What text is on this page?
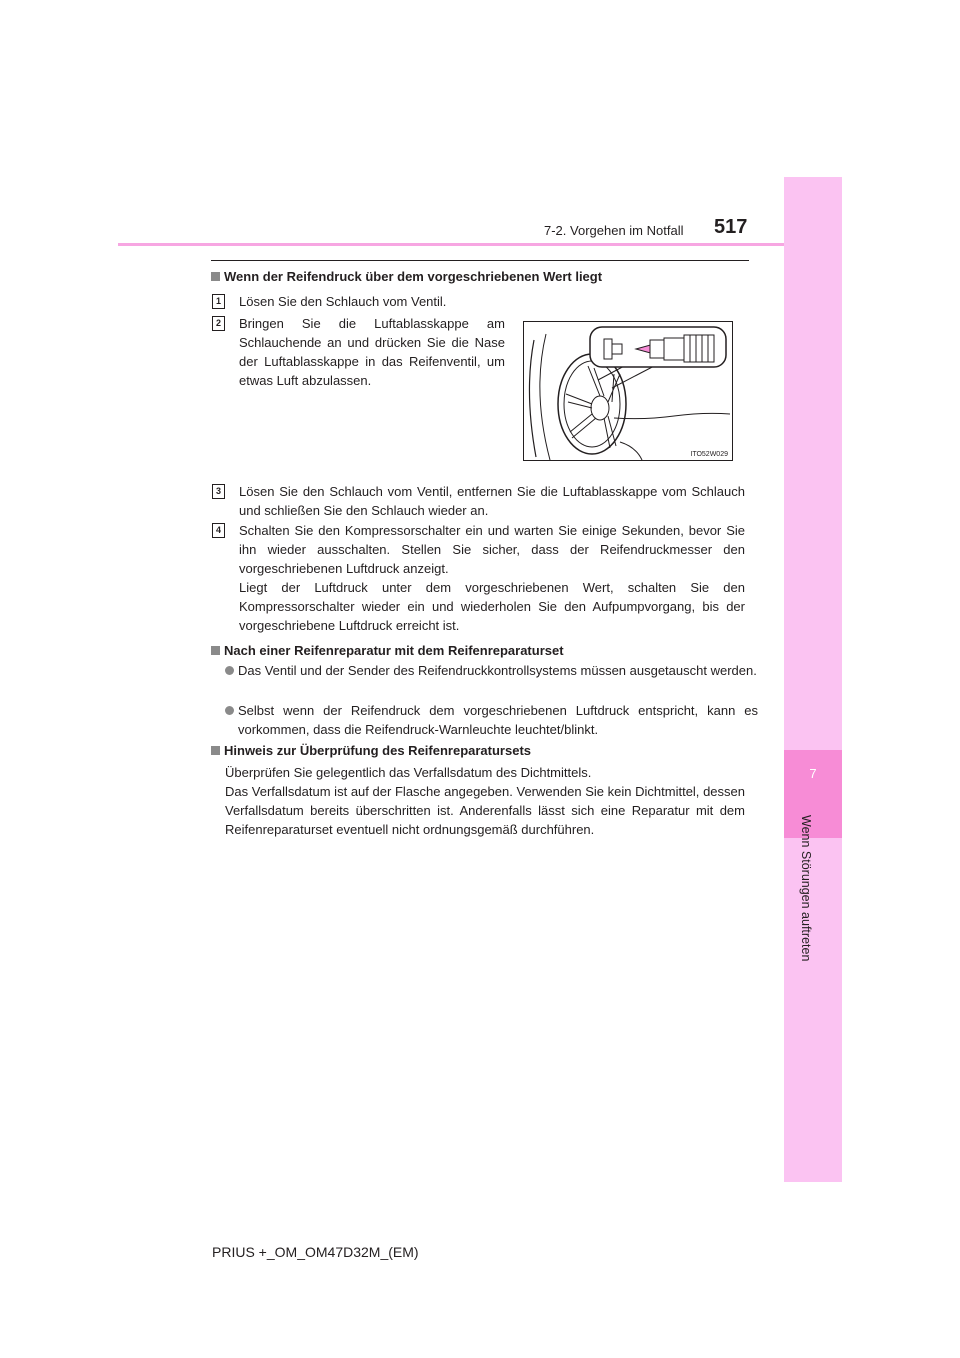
7
Wenn Störungen auftreten
7-2. Vorgehen im Notfall 517
Wenn der Reifendruck über dem vorgeschriebenen Wert liegt
1	Lösen Sie den Schlauch vom Ventil.
2	Bringen Sie die Luftablasskappe am Schlauchende an und drücken Sie die Nase der Luftablasskappe in das Reifenventil, um etwas Luft abzulassen.
ITO52W029
3	Lösen Sie den Schlauch vom Ventil, entfernen Sie die Luftablasskappe vom Schlauch und schließen Sie den Schlauch wieder an.
4	Schalten Sie den Kompressorschalter ein und warten Sie einige Sekunden, bevor Sie ihn wieder ausschalten. Stellen Sie sicher, dass der Reifendruckmesser den vorgeschriebenen Luftdruck anzeigt.
Liegt der Luftdruck unter dem vorgeschriebenen Wert, schalten Sie den Kompressorschalter wieder ein und wiederholen Sie den Aufpumpvorgang, bis der vorgeschriebene Luftdruck erreicht ist.
Nach einer Reifenreparatur mit dem Reifenreparaturset
Das Ventil und der Sender des Reifendruckkontrollsystems müssen ausgetauscht werden.
Selbst wenn der Reifendruck dem vorgeschriebenen Luftdruck entspricht, kann es vorkommen, dass die Reifendruck-Warnleuchte leuchtet/blinkt.
Hinweis zur Überprüfung des Reifenreparatursets
Überprüfen Sie gelegentlich das Verfallsdatum des Dichtmittels.
Das Verfallsdatum ist auf der Flasche angegeben. Verwenden Sie kein Dichtmittel, dessen Verfallsdatum bereits überschritten ist. Anderenfalls lässt sich eine Reparatur mit dem Reifenreparaturset eventuell nicht ordnungsgemäß durchführen.
PRIUS +_OM_OM47D32M_(EM)
